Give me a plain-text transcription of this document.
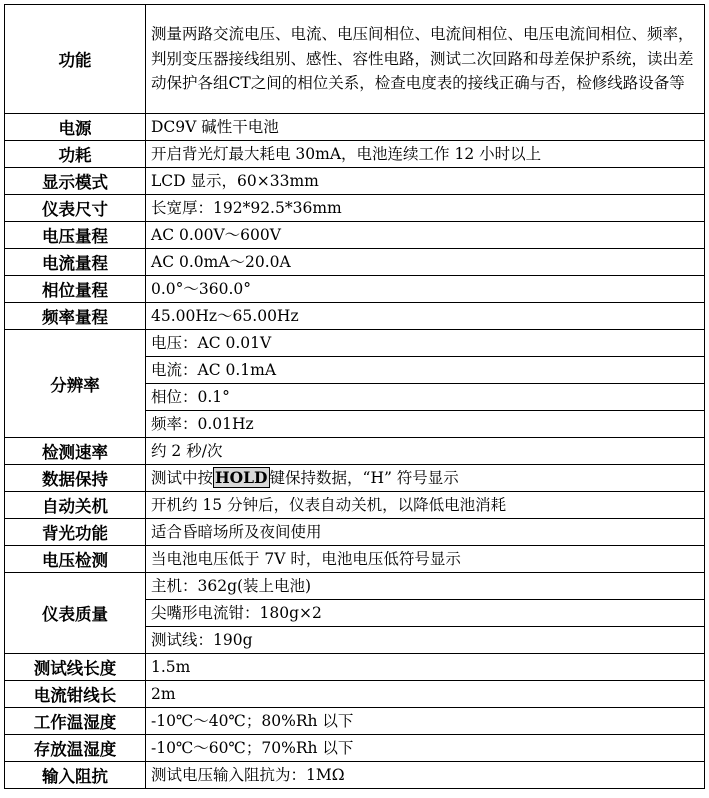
功能	测量两路交流电压、电流、电压间相位、电流间相位、电压电流间相位、频率，判别变压器接线组别、感性、容性电路，测试二次回路和母差保护系统，读出差动保护各组CT之间的相位关系，检查电度表的接线正确与否，检修线路设备等
电源	DC9V 碱性干电池
功耗	开启背光灯最大耗电 30mA，电池连续工作 12 小时以上
显示模式	LCD 显示，60×33mm
仪表尺寸	长宽厚：192*92.5*36mm
电压量程	AC 0.00V～600V
电流量程	AC 0.0mA～20.0A
相位量程	0.0°～360.0°
频率量程	45.00Hz～65.00Hz
分辨率	电压：AC 0.01V
	电流：AC 0.1mA
	相位：0.1°
	频率：0.01Hz
检测速率	约 2 秒/次
数据保持	测试中按 HOLD 键保持数据，“H” 符号显示
自动关机	开机约 15 分钟后，仪表自动关机，以降低电池消耗
背光功能	适合昏暗场所及夜间使用
电压检测	当电池电压低于 7V 时，电池电压低符号显示
仪表质量	主机：362g(装上电池)
	尖嘴形电流钳：180g×2
	测试线：190g
测试线长度	1.5m
电流钳线长	2m
工作温湿度	-10℃～40℃；80%Rh 以下
存放温湿度	-10℃～60℃；70%Rh 以下
输入阻抗	测试电压输入阻抗为：1MΩ
